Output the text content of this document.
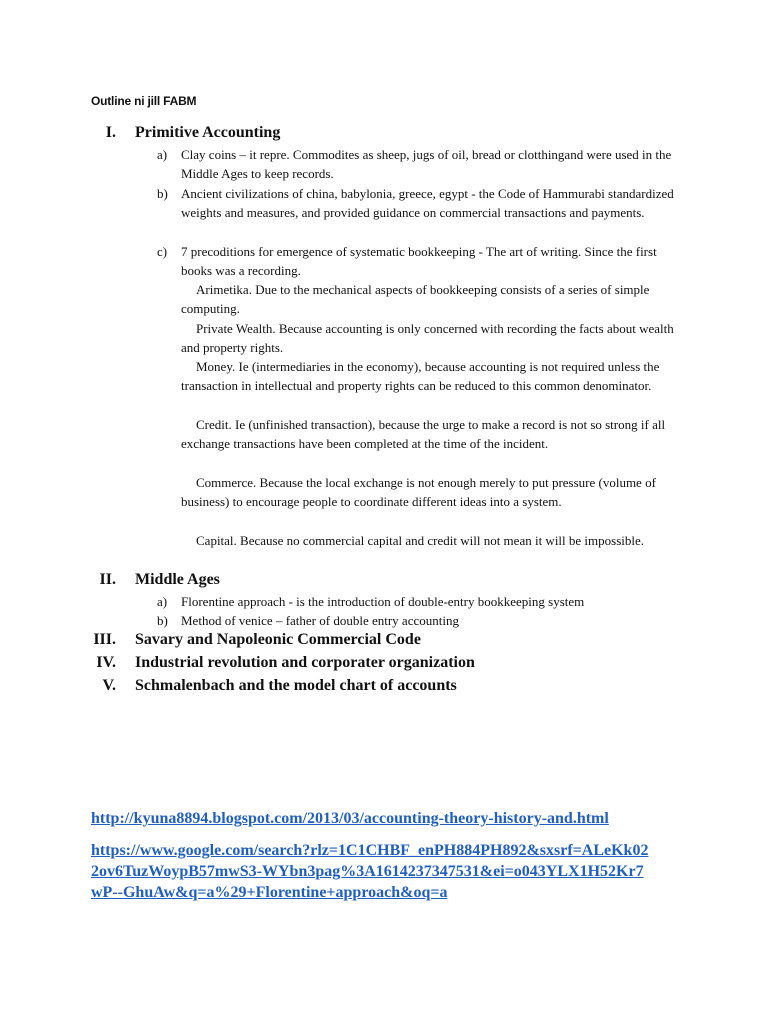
Outline ni jill FABM
I. Primitive Accounting
a) Clay coins – it repre. Commodites as sheep, jugs of oil, bread or clotthingand were used in the Middle Ages to keep records.
b) Ancient civilizations of china, babylonia, greece, egypt - the Code of Hammurabi standardized weights and measures, and provided guidance on commercial transactions and payments.
c) 7 precoditions for emergence of systematic bookkeeping - The art of writing. Since the first books was a recording.
Arimetika. Due to the mechanical aspects of bookkeeping consists of a series of simple computing.
Private Wealth. Because accounting is only concerned with recording the facts about wealth and property rights.
Money. Ie (intermediaries in the economy), because accounting is not required unless the transaction in intellectual and property rights can be reduced to this common denominator.
Credit. Ie (unfinished transaction), because the urge to make a record is not so strong if all exchange transactions have been completed at the time of the incident.
Commerce. Because the local exchange is not enough merely to put pressure (volume of business) to encourage people to coordinate different ideas into a system.
Capital. Because no commercial capital and credit will not mean it will be impossible.
II. Middle Ages
a) Florentine approach - is the introduction of double-entry bookkeeping system
b) Method of venice – father of double entry accounting
III. Savary and Napoleonic Commercial Code
IV. Industrial revolution and corporater organization
V. Schmalenbach and the model chart of accounts
http://kyuna8894.blogspot.com/2013/03/accounting-theory-history-and.html
https://www.google.com/search?rlz=1C1CHBF_enPH884PH892&sxsrf=ALeKk022ov6TuzWoypB57mwS3-WYbn3pag%3A1614237347531&ei=o043YLX1H52Kr7wP--GhuAw&q=a%29+Florentine+approach&oq=a
